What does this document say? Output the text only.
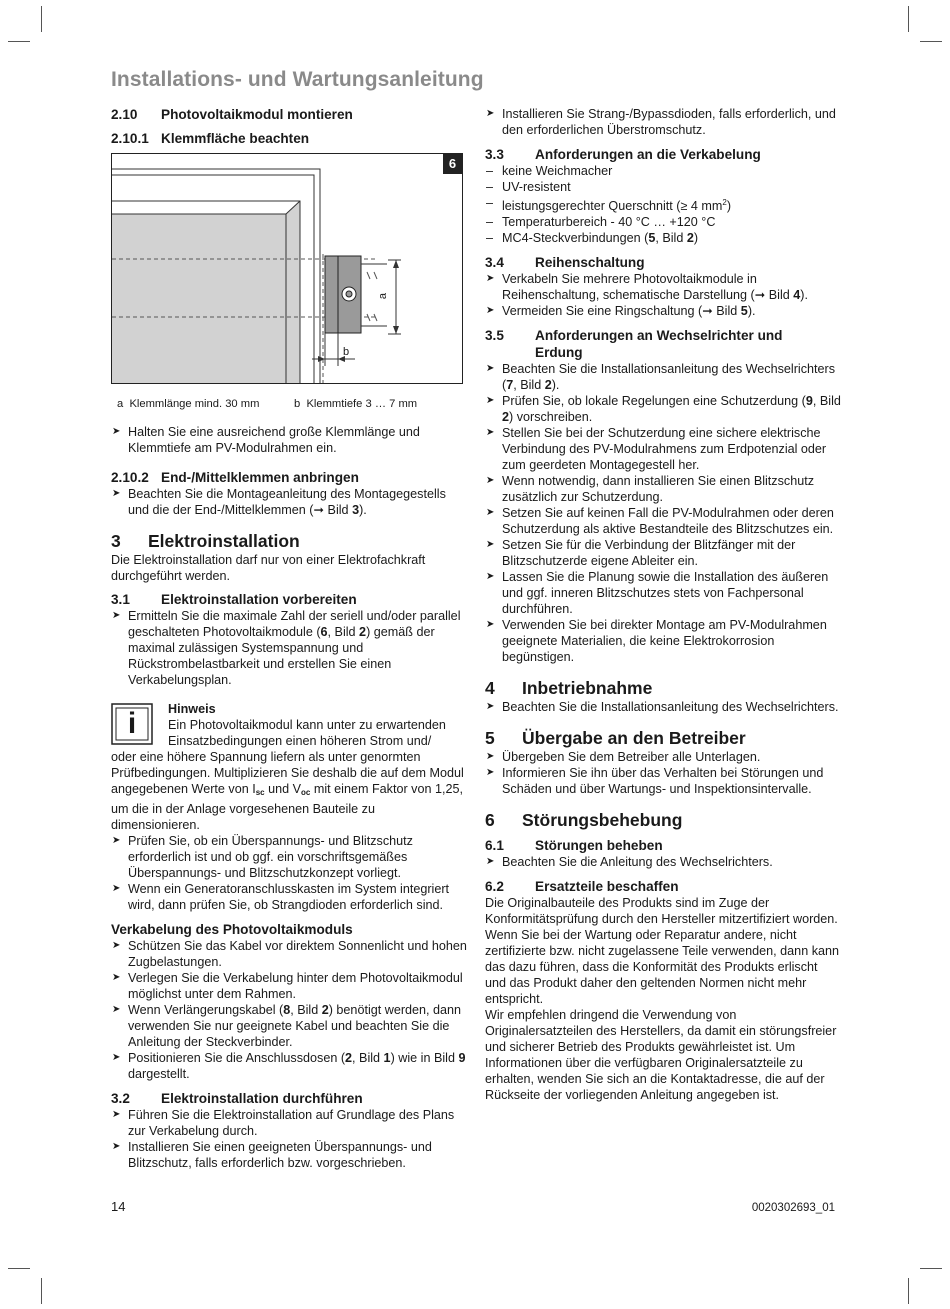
Installations- und Wartungsanleitung
2.10	Photovoltaikmodul montieren
2.10.1 Klemmfläche beachten
6
a
b
a  Klemmlänge mind. 30 mm	b  Klemmtiefe 3 … 7 mm
➤ Halten Sie eine ausreichend große Klemmlänge und Klemmtiefe am PV-Modulrahmen ein.
2.10.2 End-/Mittelklemmen anbringen
➤ Beachten Sie die Montageanleitung des Montagegestells und die der End-/Mittelklemmen (➞ Bild 3).
3	Elektroinstallation
Die Elektroinstallation darf nur von einer Elektrofachkraft durchgeführt werden.
3.1	Elektroinstallation vorbereiten
➤ Ermitteln Sie die maximale Zahl der seriell und/oder parallel geschalteten Photovoltaikmodule (6, Bild 2) gemäß der maximal zulässigen Systemspannung und Rückstrombelastbarkeit und erstellen Sie einen Verkabelungsplan.
i	Hinweis
Ein Photovoltaikmodul kann unter zu erwartenden
Einsatzbedingungen einen höheren Strom und/
oder eine höhere Spannung liefern als unter genormten Prüfbedingungen. Multiplizieren Sie deshalb die auf dem Modul angegebenen Werte von $I_{sc}$ und $V_{oc}$ mit einem Faktor von 1,25, um die in der Anlage vorgesehenen Bauteile zu dimensionieren.
➤ Prüfen Sie, ob ein Überspannungs- und Blitzschutz erforderlich ist und ob ggf. ein vorschriftsgemäßes Überspannungs- und Blitzschutzkonzept vorliegt.
➤ Wenn ein Generatoranschlusskasten im System integriert wird, dann prüfen Sie, ob Strangdioden erforderlich sind.
Verkabelung des Photovoltaikmoduls
➤ Schützen Sie das Kabel vor direktem Sonnenlicht und hohen Zugbelastungen.
➤ Verlegen Sie die Verkabelung hinter dem Photovoltaikmodul möglichst unter dem Rahmen.
➤ Wenn Verlängerungskabel (8, Bild 2) benötigt werden, dann verwenden Sie nur geeignete Kabel und beachten Sie die Anleitung der Steckverbinder.
➤ Positionieren Sie die Anschlussdosen (2, Bild 1) wie in Bild 9 dargestellt.
3.2	Elektroinstallation durchführen
➤ Führen Sie die Elektroinstallation auf Grundlage des Plans zur Verkabelung durch.
➤ Installieren Sie einen geeigneten Überspannungs- und Blitzschutz, falls erforderlich bzw. vorgeschrieben.
➤ Installieren Sie Strang-/Bypassdioden, falls erforderlich, und den erforderlichen Überstromschutz.
3.3	Anforderungen an die Verkabelung
– keine Weichmacher
– UV-resistent
– leistungsgerechter Querschnitt (≥ 4 $mm^2$)
– Temperaturbereich - 40 °C … +120 °C
– MC4-Steckverbindungen (5, Bild 2)
3.4	Reihenschaltung
➤ Verkabeln Sie mehrere Photovoltaikmodule in Reihenschaltung, schematische Darstellung (➞ Bild 4).
➤ Vermeiden Sie eine Ringschaltung (➞ Bild 5).
3.5	Anforderungen an Wechselrichter und Erdung
➤ Beachten Sie die Installationsanleitung des Wechselrichters (7, Bild 2).
➤ Prüfen Sie, ob lokale Regelungen eine Schutzerdung (9, Bild 2) vorschreiben.
➤ Stellen Sie bei der Schutzerdung eine sichere elektrische Verbindung des PV-Modulrahmens zum Erdpotenzial oder zum geerdeten Montagegestell her.
➤ Wenn notwendig, dann installieren Sie einen Blitzschutz zusätzlich zur Schutzerdung.
➤ Setzen Sie auf keinen Fall die PV-Modulrahmen oder deren Schutzerdung als aktive Bestandteile des Blitzschutzes ein.
➤ Setzen Sie für die Verbindung der Blitzfänger mit der Blitzschutzerde eigene Ableiter ein.
➤ Lassen Sie die Planung sowie die Installation des äußeren und ggf. inneren Blitzschutzes stets von Fachpersonal durchführen.
➤ Verwenden Sie bei direkter Montage am PV-Modulrahmen geeignete Materialien, die keine Elektrokorrosion begünstigen.
4	Inbetriebnahme
➤ Beachten Sie die Installationsanleitung des Wechselrichters.
5	Übergabe an den Betreiber
➤ Übergeben Sie dem Betreiber alle Unterlagen.
➤ Informieren Sie ihn über das Verhalten bei Störungen und Schäden und über Wartungs- und Inspektionsintervalle.
6	Störungsbehebung
6.1	Störungen beheben
➤ Beachten Sie die Anleitung des Wechselrichters.
6.2	Ersatzteile beschaffen
Die Originalbauteile des Produkts sind im Zuge der Konformitätsprüfung durch den Hersteller mitzertifiziert worden. Wenn Sie bei der Wartung oder Reparatur andere, nicht zertifizierte bzw. nicht zugelassene Teile verwenden, dann kann das dazu führen, dass die Konformität des Produkts erlischt und das Produkt daher den geltenden Normen nicht mehr entspricht.
Wir empfehlen dringend die Verwendung von Originalersatzteilen des Herstellers, da damit ein störungsfreier und sicherer Betrieb des Produkts gewährleistet ist. Um Informationen über die verfügbaren Originalersatzteile zu erhalten, wenden Sie sich an die Kontaktadresse, die auf der Rückseite der vorliegenden Anleitung angegeben ist.
14	0020302693_01
